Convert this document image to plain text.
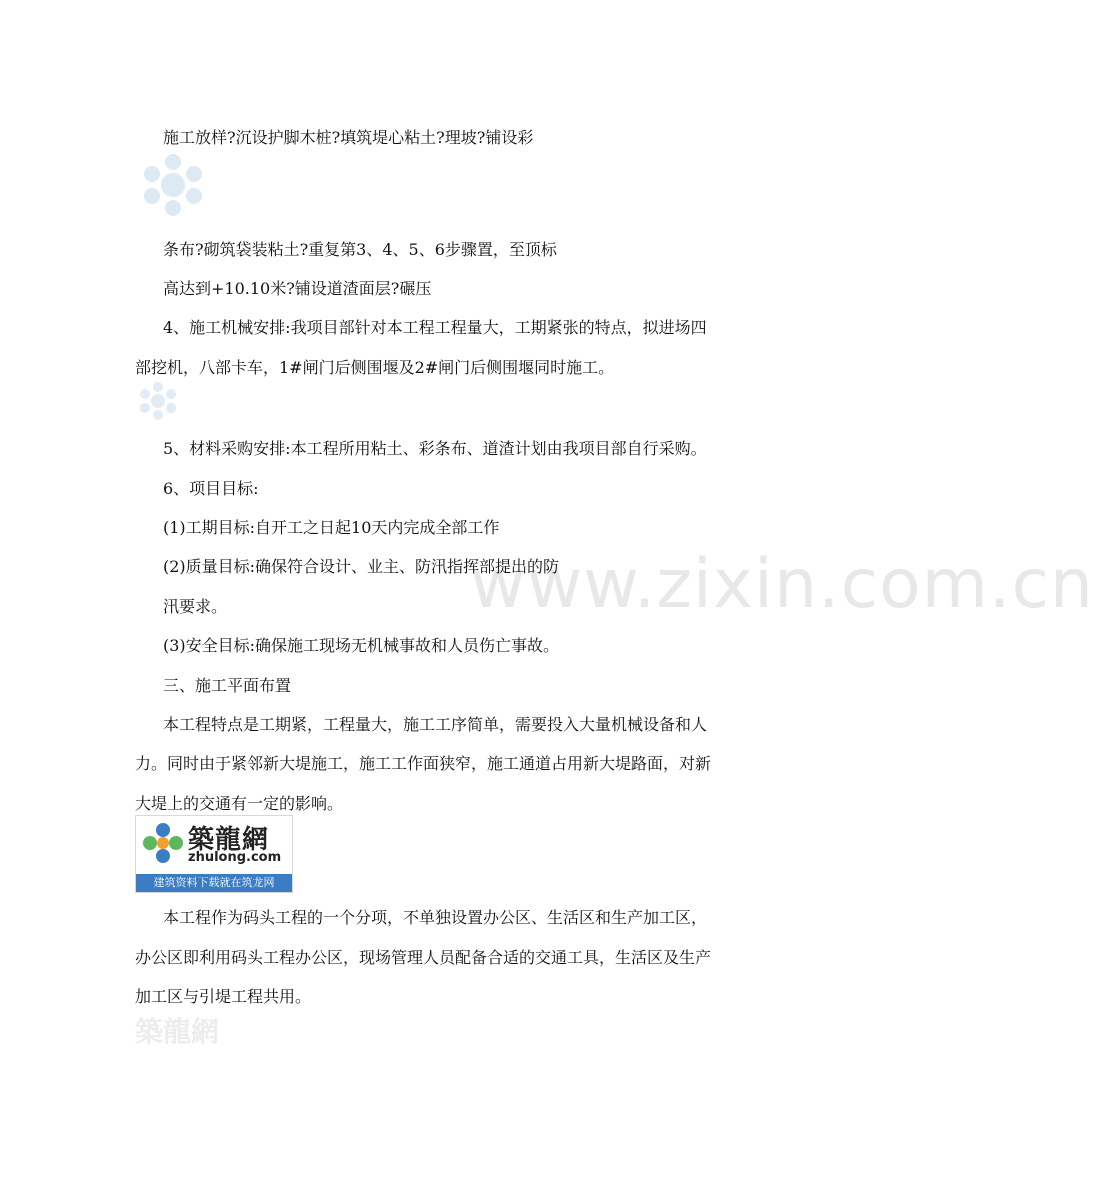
www.zixin.com.cn
施工放样?沉设护脚木桩?填筑堤心粘土?理坡?铺设彩
条布?砌筑袋装粘土?重复第3、4、5、6步骤置，至顶标
高达到+10.10米?铺设道渣面层?碾压
4、施工机械安排:我项目部针对本工程工程量大，工期紧张的特点，拟进场四
部挖机，八部卡车，1#闸门后侧围堰及2#闸门后侧围堰同时施工。
5、材料采购安排:本工程所用粘土、彩条布、道渣计划由我项目部自行采购。
6、项目目标:
(1)工期目标:自开工之日起10天内完成全部工作
(2)质量目标:确保符合设计、业主、防汛指挥部提出的防
汛要求。
(3)安全目标:确保施工现场无机械事故和人员伤亡事故。
三、施工平面布置
本工程特点是工期紧，工程量大，施工工序简单，需要投入大量机械设备和人
力。同时由于紧邻新大堤施工，施工工作面狭窄，施工通道占用新大堤路面，对新
大堤上的交通有一定的影响。
築龍網
zhulong.com
建筑资料下载就在筑龙网
本工程作为码头工程的一个分项，不单独设置办公区、生活区和生产加工区，
办公区即利用码头工程办公区，现场管理人员配备合适的交通工具，生活区及生产
加工区与引堤工程共用。
築龍網
